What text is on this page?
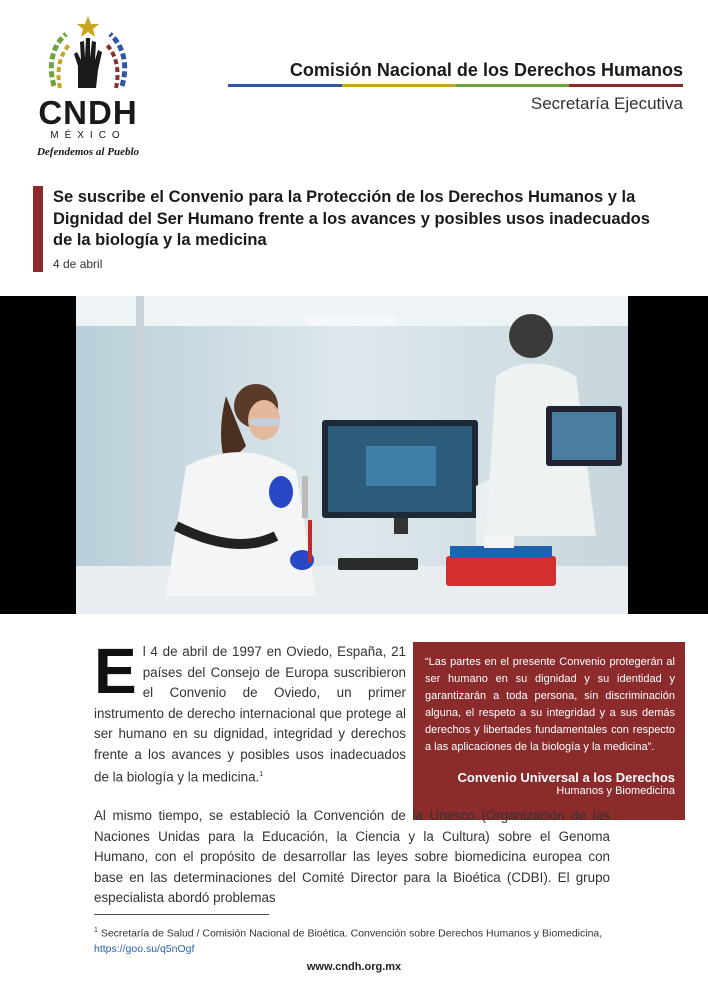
CNDH
MÉXICO
Defendemos al Pueblo
Comisión Nacional de los Derechos Humanos
Secretaría Ejecutiva
Se suscribe el Convenio para la Protección de los Derechos Humanos y la Dignidad del Ser Humano frente a los avances y posibles usos inadecuados de la biología y la medicina
4 de abril
El 4 de abril de 1997 en Oviedo, España, 21 países del Consejo de Europa suscribieron el Convenio de Oviedo, un primer instrumento de derecho internacional que protege al ser humano en su dignidad, integridad y derechos frente a los avances y posibles usos inadecuados de la biología y la medicina.$^1$
“Las partes en el presente Convenio protegerán al ser humano en su dignidad y su identidad y garantizarán a toda persona, sin discriminación alguna, el respeto a su integridad y a sus demás derechos y libertades fundamentales con respecto a las aplicaciones de la biología y la medicina”.
Convenio Universal a los Derechos
Humanos y Biomedicina
Al mismo tiempo, se estableció la Convención de la Unesco (Organización de las Naciones Unidas para la Educación, la Ciencia y la Cultura) sobre el Genoma Humano, con el propósito de desarrollar las leyes sobre biomedicina europea con base en las determinaciones del Comité Director para la Bioética (CDBI). El grupo especialista abordó problemas
$^1$ Secretaría de Salud / Comisión Nacional de Bioética. Convención sobre Derechos Humanos y Biomedicina, https://goo.su/q5nOgf
www.cndh.org.mx
